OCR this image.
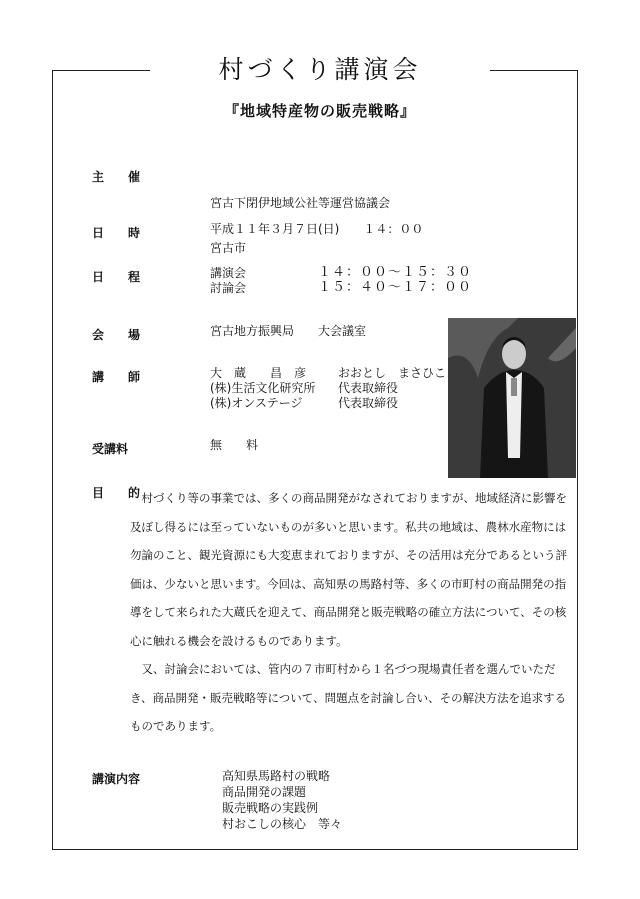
村づくり講演会
『地域特産物の販売戦略』
主　　催

宮古下閉伊地域公社等運営協議会

宮古市

日　　時	平成１１年３月７日(日)　　１４：００
日　　程	講演会	１４：００～１５：３０
討論会	１５：４０～１７：００
会　　場	宮古地方振興局　　大会議室
講　　師	大　蔵　　昌　彦	おおとし　まさひこ
(株)生活文化研究所 代表取締役
(株)オンステージ	代表取締役
受講料	無　　料
目　　的 村づくり等の事業では、多くの商品開発がなされておりますが、地域経済に影響を及ぼし得るには至っていないものが多いと思います。私共の地域は、農林水産物には勿論のこと、観光資源にも大変恵まれておりますが、その活用は充分であるという評価は、少ないと思います。今回は、高知県の馬路村等、多くの市町村の商品開発の指導をして来られた大蔵氏を迎えて、商品開発と販売戦略の確立方法について、その核心に触れる機会を設けるものであります。

又、討論会においては、管内の７市町村から１名づつ現場責任者を選んでいただき、商品開発・販売戦略等について、問題点を討論し合い、その解決方法を追求するものであります。

講演内容	高知県馬路村の戦略
商品開発の課題
販売戦略の実践例
村おこしの核心　等々
